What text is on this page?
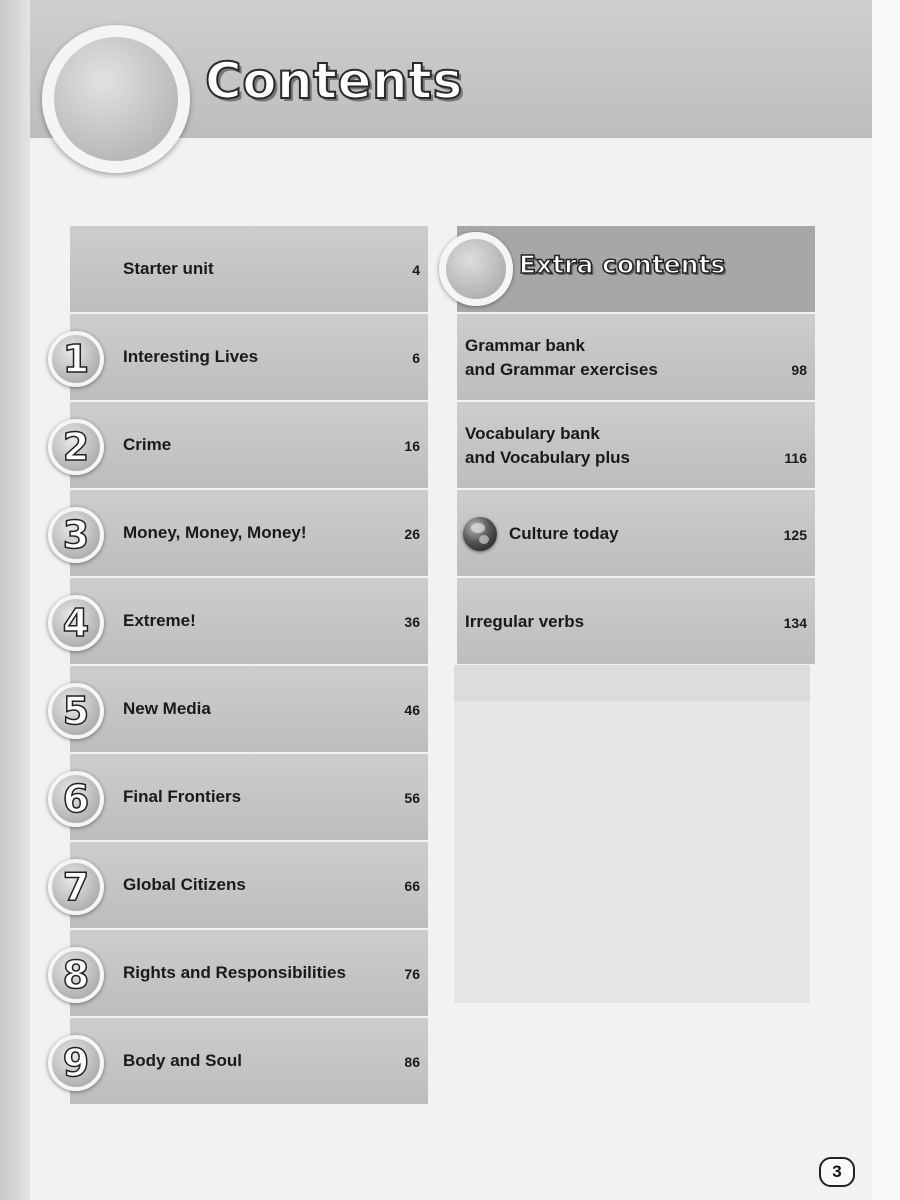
Contents
Starter unit	4
1 Interesting Lives	6
2 Crime	16
3 Money, Money, Money!	26
4 Extreme!	36
5 New Media	46
6 Final Frontiers	56
7 Global Citizens	66
8 Rights and Responsibilities	76
9 Body and Soul	86
Extra contents
Grammar bank
and Grammar exercises	98
Vocabulary bank
and Vocabulary plus	116
Culture today	125
Irregular verbs	134
3
